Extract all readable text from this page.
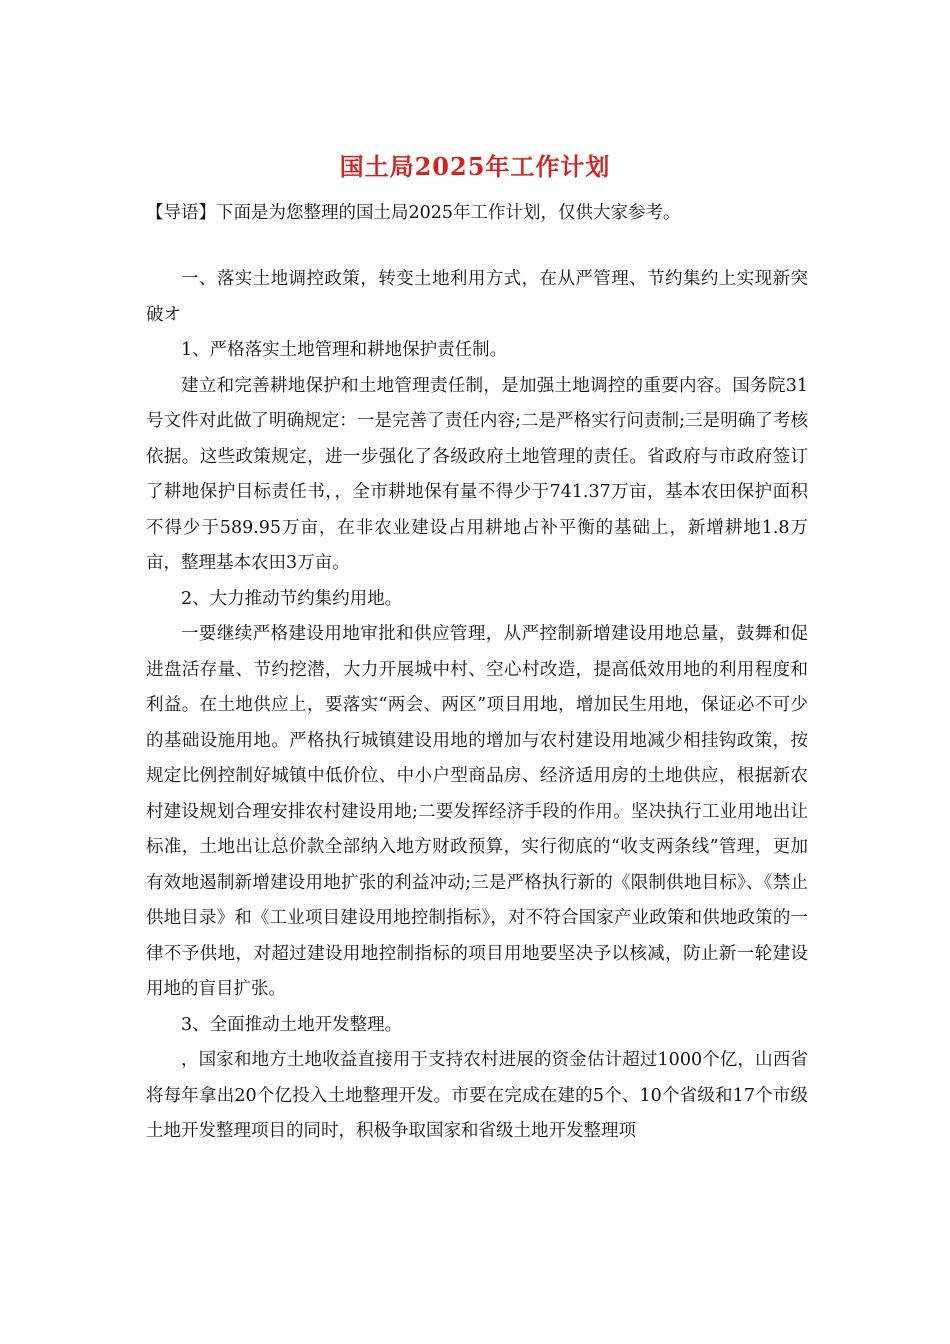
国土局2025年工作计划

【导语】下面是为您整理的国土局2025年工作计划，仅供大家参考。

一、落实土地调控政策，转变土地利用方式，在从严管理、节约集约上实现新突破オ

1、严格落实土地管理和耕地保护责任制。

建立和完善耕地保护和土地管理责任制，是加强土地调控的重要内容。国务院31号文件对此做了明确规定：一是完善了责任内容;二是严格实行问责制;三是明确了考核依据。这些政策规定，进一步强化了各级政府土地管理的责任。省政府与市政府签订了耕地保护目标责任书，，全市耕地保有量不得少于741.37万亩，基本农田保护面积不得少于589.95万亩，在非农业建设占用耕地占补平衡的基础上，新增耕地1.8万亩，整理基本农田3万亩。

2、大力推动节约集约用地。

一要继续严格建设用地审批和供应管理，从严控制新增建设用地总量，鼓舞和促进盘活存量、节约挖潜，大力开展城中村、空心村改造，提高低效用地的利用程度和利益。在土地供应上，要落实“两会、两区”项目用地，增加民生用地，保证必不可少的基础设施用地。严格执行城镇建设用地的增加与农村建设用地减少相挂钩政策，按规定比例控制好城镇中低价位、中小户型商品房、经济适用房的土地供应，根据新农村建设规划合理安排农村建设用地;二要发挥经济手段的作用。坚决执行工业用地出让标准，土地出让总价款全部纳入地方财政预算，实行彻底的“收支两条线”管理，更加有效地遏制新增建设用地扩张的利益冲动;三是严格执行新的《限制供地目标》、《禁止供地目录》和《工业项目建设用地控制指标》，对不符合国家产业政策和供地政策的一律不予供地，对超过建设用地控制指标的项目用地要坚决予以核减，防止新一轮建设用地的盲目扩张。

3、全面推动土地开发整理。

，国家和地方土地收益直接用于支持农村进展的资金估计超过1000个亿，山西省将每年拿出20个亿投入土地整理开发。市要在完成在建的5个、10个省级和17个市级土地开发整理项目的同时，积极争取国家和省级土地开发整理项
